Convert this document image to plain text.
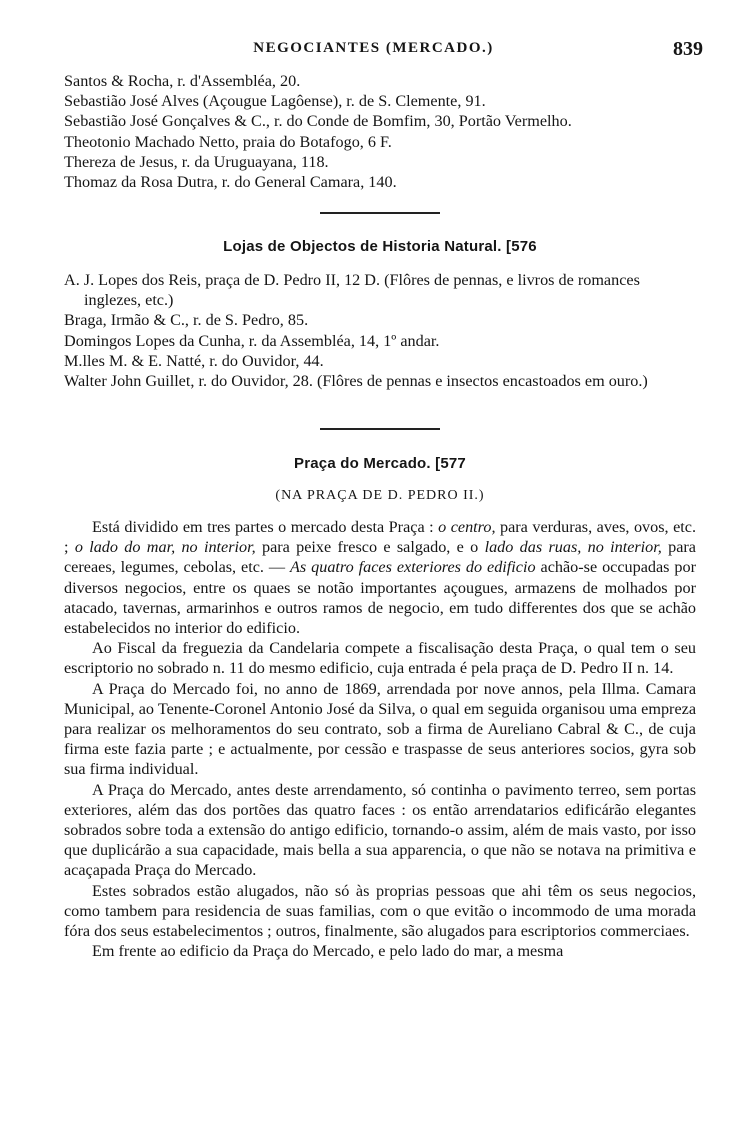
NEGOCIANTES (MERCADO.)	839

Santos & Rocha, r. d'Assembléa, 20.

Sebastião José Alves (Açougue Lagôense), r. de S. Clemente, 91.

Sebastião José Gonçalves & C., r. do Conde de Bomfim, 30, Portão Vermelho.

Theotonio Machado Netto, praia do Botafogo, 6 F.

Thereza de Jesus, r. da Uruguayana, 118.

Thomaz da Rosa Dutra, r. do General Camara, 140.

Lojas de Objectos de Historia Natural. [576

A. J. Lopes dos Reis, praça de D. Pedro II, 12 D. (Flôres de pennas, e livros de romances inglezes, etc.)

Braga, Irmão & C., r. de S. Pedro, 85.

Domingos Lopes da Cunha, r. da Assembléa, 14, 1º andar.

M.lles M. & E. Natté, r. do Ouvidor, 44.

Walter John Guillet, r. do Ouvidor, 28. (Flôres de pennas e insectos encastoados em ouro.)

Praça do Mercado. [577
(NA PRAÇA DE D. PEDRO II.)

Está dividido em tres partes o mercado desta Praça : o centro, para verduras, aves, ovos, etc. ; o lado do mar, no interior, para peixe fresco e salgado, e o lado das ruas, no interior, para cereaes, legumes, cebolas, etc. — As quatro faces exteriores do edificio achão-se occupadas por diversos negocios, entre os quaes se notão importantes açougues, armazens de molhados por atacado, tavernas, armarinhos e outros ramos de negocio, em tudo differentes dos que se achão estabelecidos no interior do edificio.

Ao Fiscal da freguezia da Candelaria compete a fiscalisação desta Praça, o qual tem o seu escriptorio no sobrado n. 11 do mesmo edificio, cuja entrada é pela praça de D. Pedro II n. 14.

A Praça do Mercado foi, no anno de 1869, arrendada por nove annos, pela Illma. Camara Municipal, ao Tenente-Coronel Antonio José da Silva, o qual em seguida organisou uma empreza para realizar os melhoramentos do seu contrato, sob a firma de Aureliano Cabral & C., de cuja firma este fazia parte ; e actualmente, por cessão e traspasse de seus anteriores socios, gyra sob sua firma individual.

A Praça do Mercado, antes deste arrendamento, só continha o pavimento terreo, sem portas exteriores, além das dos portões das quatro faces : os então arrendatarios edificárão elegantes sobrados sobre toda a extensão do antigo edificio, tornando-o assim, além de mais vasto, por isso que duplicárão a sua capacidade, mais bella a sua apparencia, o que não se notava na primitiva e acaçapada Praça do Mercado.

Estes sobrados estão alugados, não só às proprias pessoas que ahi têm os seus negocios, como tambem para residencia de suas familias, com o que evitão o incommodo de uma morada fóra dos seus estabelecimentos ; outros, finalmente, são alugados para escriptorios commerciaes.

Em frente ao edificio da Praça do Mercado, e pelo lado do mar, a mesma
